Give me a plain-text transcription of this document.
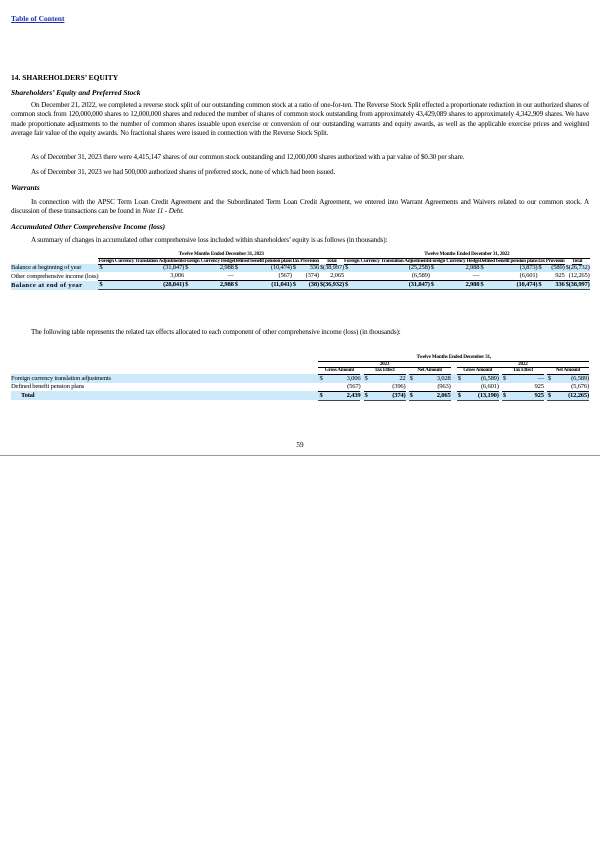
Table of Content
14. SHAREHOLDERS’ EQUITY
Shareholders’ Equity and Preferred Stock
On December 21, 2022, we completed a reverse stock split of our outstanding common stock at a ratio of one-for-ten. The Reverse Stock Split effected a proportionate reduction in our authorized shares of common stock from 120,000,000 shares to 12,000,000 shares and reduced the number of shares of common stock outstanding from approximately 43,429,089 shares to approximately 4,342,909 shares. We have made proportionate adjustments to the number of common shares issuable upon exercise or conversion of our outstanding warrants and equity awards, as well as the applicable exercise prices and weighted average fair value of the equity awards. No fractional shares were issued in connection with the Reverse Stock Split.
As of December 31, 2023 there were 4,415,147 shares of our common stock outstanding and 12,000,000 shares authorized with a par value of $0.30 per share.
As of December 31, 2023 we had 500,000 authorized shares of preferred stock, none of which had been issued.
Warrants
In connection with the APSC Term Loan Credit Agreement and the Subordinated Term Loan Credit Agreement, we entered into Warrant Agreements and Waivers related to our common stock. A discussion of these transactions can be found in Note 11 - Debt.
Accumulated Other Comprehensive Income (loss)
A summary of changes in accumulated other comprehensive loss included within shareholders’ equity is as follows (in thousands):
	Twelve Months Ended December 31, 2023										Twelve Months Ended December 31, 2022									
	Foreign Currency Translation Adjustments		Foreign Currency Hedge		Defined benefit pension plans		Tax Provision		Total		Foreign Currency Translation Adjustments		Foreign Currency Hedge		Defined benefit pension plans		Tax Provision		Total	
Balance at beginning of year	$	(31,847)		$	2,988		$	(10,474)		$	336		$	(38,997)		$	(25,258)		$	2,988		$	(3,873)		$	(589)		$	(26,732)
Other comprehensive income (loss)		3,006			—			(567)			(374)			2,065			(6,589)			—			(6,601)			925			(12,265)
Balance at end of year	$	(28,841)		$	2,988		$	(11,041)		$	(38)		$	(36,932)		$	(31,847)		$	2,988		$	(10,474)		$	336		$	(38,997)
The following table represents the related tax effects allocated to each component of other comprehensive income (loss) (in thousands):
	Twelve Months Ended December 31,																
	2023									2022							
	Gross Amount			Tax Effect			Net Amount			Gross Amount			Tax Effect			Net Amount	
Foreign currency translation adjustments	$	3,006		$	22		$	3,028		$	(6,589)		$	—		$	(6,589)
Defined benefit pension plans		(567)			(396)			(963)			(6,601)			925			(5,676)
Total	$	2,439		$	(374)		$	2,065		$	(13,190)		$	925		$	(12,265)
59
